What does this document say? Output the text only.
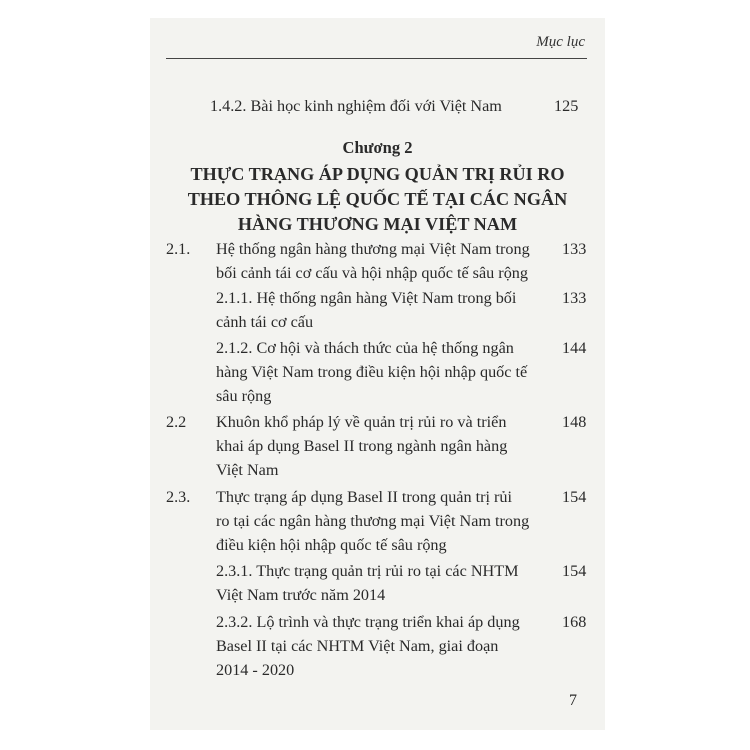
Mục lục
1.4.2. Bài học kinh nghiệm đối với Việt Nam	125
Chương 2
THỰC TRẠNG ÁP DỤNG QUẢN TRỊ RỦI RO
THEO THÔNG LỆ QUỐC TẾ TẠI CÁC NGÂN
HÀNG THƯƠNG MẠI VIỆT NAM
2.1. Hệ thống ngân hàng thương mại Việt Nam trong
bối cảnh tái cơ cấu và hội nhập quốc tế sâu rộng
133
2.1.1. Hệ thống ngân hàng Việt Nam trong bối
cảnh tái cơ cấu
133
2.1.2. Cơ hội và thách thức của hệ thống ngân
hàng Việt Nam trong điều kiện hội nhập quốc tế
sâu rộng
144
2.2 Khuôn khổ pháp lý về quản trị rủi ro và triển
khai áp dụng Basel II trong ngành ngân hàng
Việt Nam
148
2.3. Thực trạng áp dụng Basel II trong quản trị rủi
ro tại các ngân hàng thương mại Việt Nam trong
điều kiện hội nhập quốc tế sâu rộng
154
2.3.1. Thực trạng quản trị rủi ro tại các NHTM
Việt Nam trước năm 2014
154
2.3.2. Lộ trình và thực trạng triển khai áp dụng
Basel II tại các NHTM Việt Nam, giai đoạn
2014 - 2020
168
7
